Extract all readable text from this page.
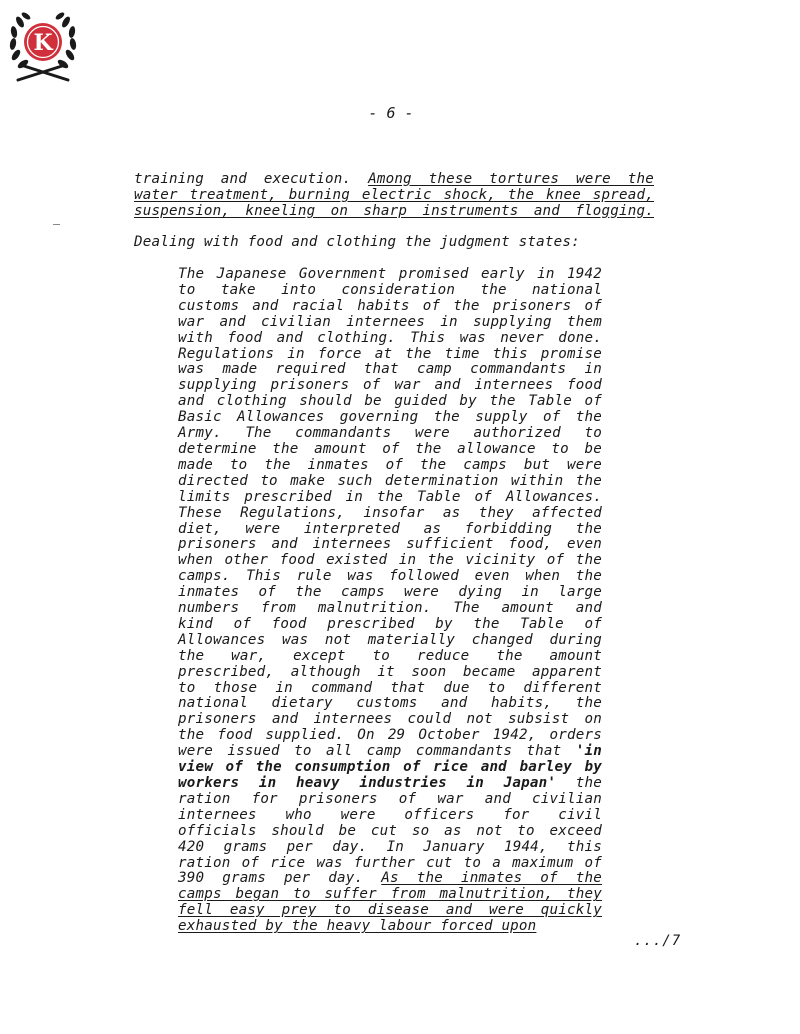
K
- 6 -
training and execution. Among these tortures were the
water treatment, burning electric shock, the knee spread,
suspension, kneeling on sharp instruments and flogging.
Dealing with food and clothing the judgment states:
The Japanese Government promised early in 1942
to take into consideration the national
customs and racial habits of the prisoners of
war and civilian internees in supplying them
with food and clothing. This was never done.
Regulations in force at the time this promise
was made required that camp commandants in
supplying prisoners of war and internees food
and clothing should be guided by the Table of
Basic Allowances governing the supply of the
Army. The commandants were authorized to
determine the amount of the allowance to be
made to the inmates of the camps but were
directed to make such determination within the
limits prescribed in the Table of Allowances.
These Regulations, insofar as they affected
diet, were interpreted as forbidding the
prisoners and internees sufficient food, even
when other food existed in the vicinity of the
camps. This rule was followed even when the
inmates of the camps were dying in large
numbers from malnutrition. The amount and
kind of food prescribed by the Table of
Allowances was not materially changed during
the war, except to reduce the amount
prescribed, although it soon became apparent
to those in command that due to different
national dietary customs and habits, the
prisoners and internees could not subsist on
the food supplied. On 29 October 1942, orders
were issued to all camp commandants that 'in
view of the consumption of rice and barley by
workers in heavy industries in Japan' the
ration for prisoners of war and civilian
internees who were officers for civil
officials should be cut so as not to exceed
420 grams per day. In January 1944, this
ration of rice was further cut to a maximum of
390 grams per day. As the inmates of the
camps began to suffer from malnutrition, they
fell easy prey to disease and were quickly
exhausted by the heavy labour forced upon
.../7
